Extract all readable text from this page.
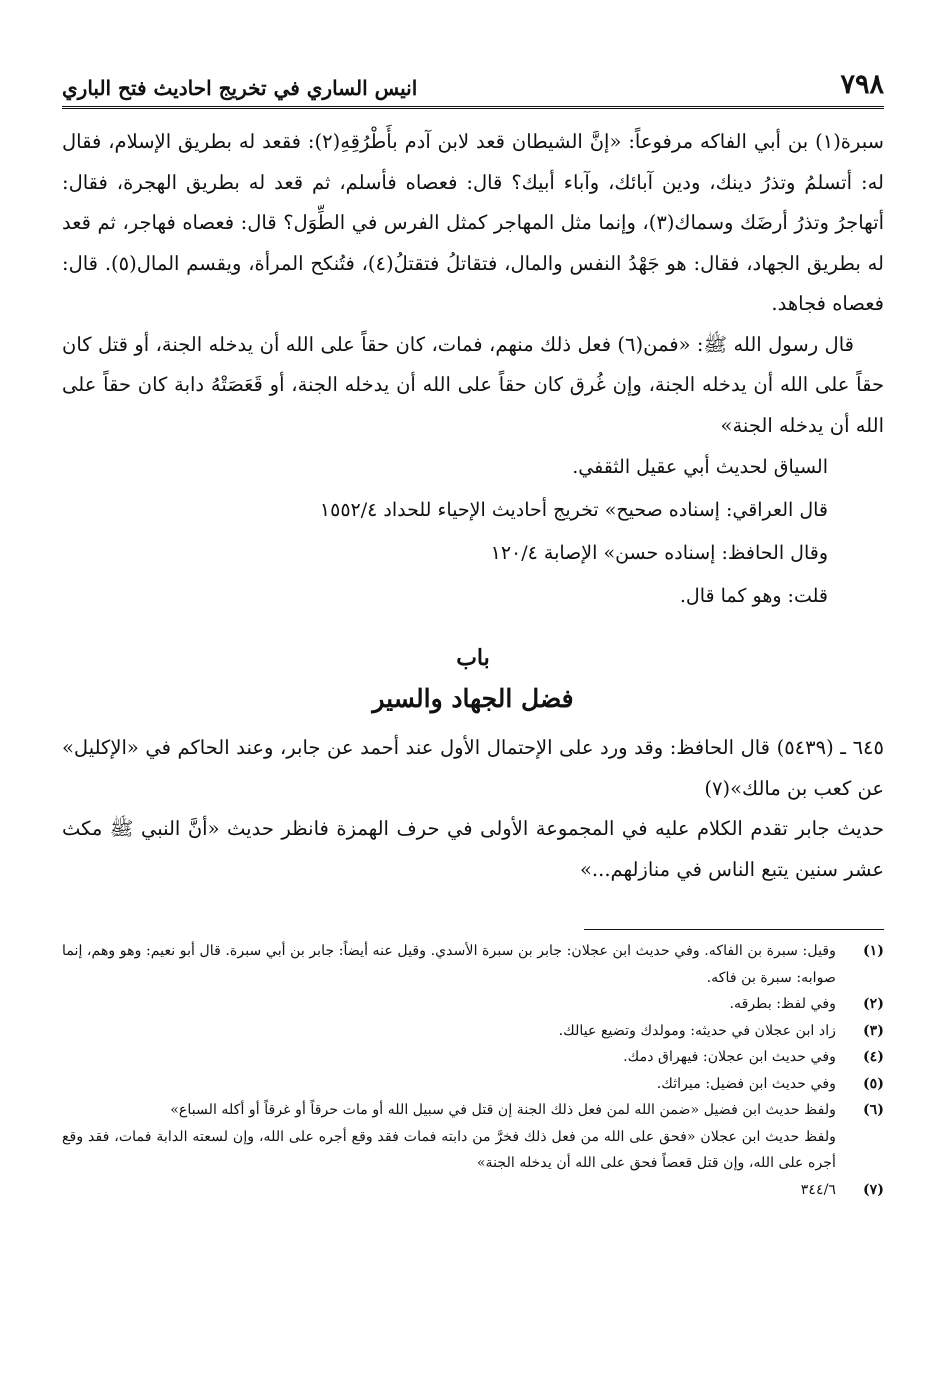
٧٩٨
انيس الساري في تخريج احاديث فتح الباري

سبرة(١) بن أبي الفاكه مرفوعاً: «إنَّ الشيطان قعد لابن آدم بأَطْرُقِهِ(٢): فقعد له بطريق الإسلام، فقال له: أتسلمُ وتذرُ دينك، ودين آبائك، وآباء أبيك؟ قال: فعصاه فأسلم، ثم قعد له بطريق الهجرة، فقال: أتهاجرُ وتذرُ أرضَك وسماك(٣)، وإنما مثل المهاجر كمثل الفرس في الطِّوَل؟ قال: فعصاه فهاجر، ثم قعد له بطريق الجهاد، فقال: هو جَهْدُ النفس والمال، فتقاتلُ فتقتلُ(٤)، فتُنكح المرأة، ويقسم المال(٥). قال: فعصاه فجاهد.

قال رسول الله ﷺ: «فمن(٦) فعل ذلك منهم، فمات، كان حقاً على الله أن يدخله الجنة، أو قتل كان حقاً على الله أن يدخله الجنة، وإن غُرق كان حقاً على الله أن يدخله الجنة، أو قَعَصَتْهُ دابة كان حقاً على الله أن يدخله الجنة»

السياق لحديث أبي عقيل الثقفي.

قال العراقي: إسناده صحيح» تخريج أحاديث الإحياء للحداد ١٥٥٢/٤

وقال الحافظ: إسناده حسن» الإصابة ١٢٠/٤

قلت: وهو كما قال.

باب
فضل الجهاد والسير

٦٤٥ ـ (٥٤٣٩) قال الحافظ: وقد ورد على الإحتمال الأول عند أحمد عن جابر، وعند الحاكم في «الإكليل» عن كعب بن مالك»(٧)

حديث جابر تقدم الكلام عليه في المجموعة الأولى في حرف الهمزة فانظر حديث «أنَّ النبي ﷺ مكث عشر سنين يتبع الناس في منازلهم...»

(١)
وقيل: سبرة بن الفاكه. وفي حديث ابن عجلان: جابر بن سبرة الأسدي. وقيل عنه أيضاً: جابر بن أبي سبرة. قال أبو نعيم: وهو وهم، إنما صوابه: سبرة بن فاكه.
(٢)
وفي لفظ: بطرقه.
(٣)
زاد ابن عجلان في حديثه: ومولدك وتضيع عيالك.
(٤)
وفي حديث ابن عجلان: فيهراق دمك.
(٥)
وفي حديث ابن فضيل: ميراثك.
(٦)
ولفظ حديث ابن فضيل «ضمن الله لمن فعل ذلك الجنة إن قتل في سبيل الله أو مات حرقاً أو غرقاً أو أكله السباع»
ولفظ حديث ابن عجلان «فحق على الله من فعل ذلك فخرَّ من دابته فمات فقد وقع أجره على الله، وإن لسعته الدابة فمات، فقد وقع أجره على الله، وإن قتل قعصاً فحق على الله أن يدخله الجنة»
(٧)
٣٤٤/٦
